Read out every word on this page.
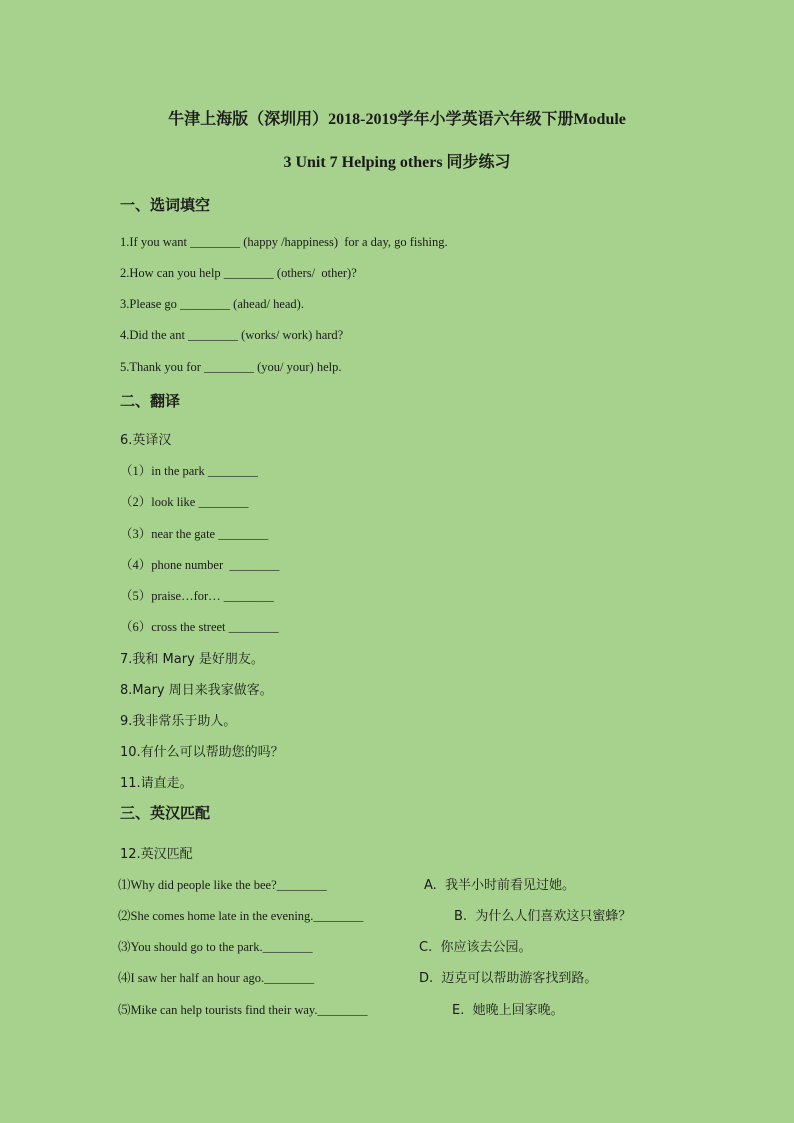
牛津上海版（深圳用）2018-2019学年小学英语六年级下册Module
3 Unit 7 Helping others 同步练习
一、选词填空
1.If you want ________ (happy /happiness)  for a day, go fishing.
2.How can you help ________ (others/  other)?
3.Please go ________ (ahead/ head).
4.Did the ant ________ (works/ work) hard?
5.Thank you for ________ (you/ your) help.
二、翻译
6.英译汉
（1）in the park ________
（2）look like ________
（3）near the gate ________
（4）phone number  ________
（5）praise…for… ________
（6）cross the street ________
7.我和 Mary 是好朋友。
8.Mary 周日来我家做客。
9.我非常乐于助人。
10.有什么可以帮助您的吗？
11.请直走。
三、英汉匹配
12.英汉匹配
⑴Why did people like the bee?________	A.  我半小时前看见过她。
⑵She comes home late in the evening.________	B.  为什么人们喜欢这只蜜蜂？
⑶You should go to the park.________	C.  你应该去公园。
⑷I saw her half an hour ago.________	D.  迈克可以帮助游客找到路。
⑸Mike can help tourists find their way.________	E.  她晚上回家晚。
